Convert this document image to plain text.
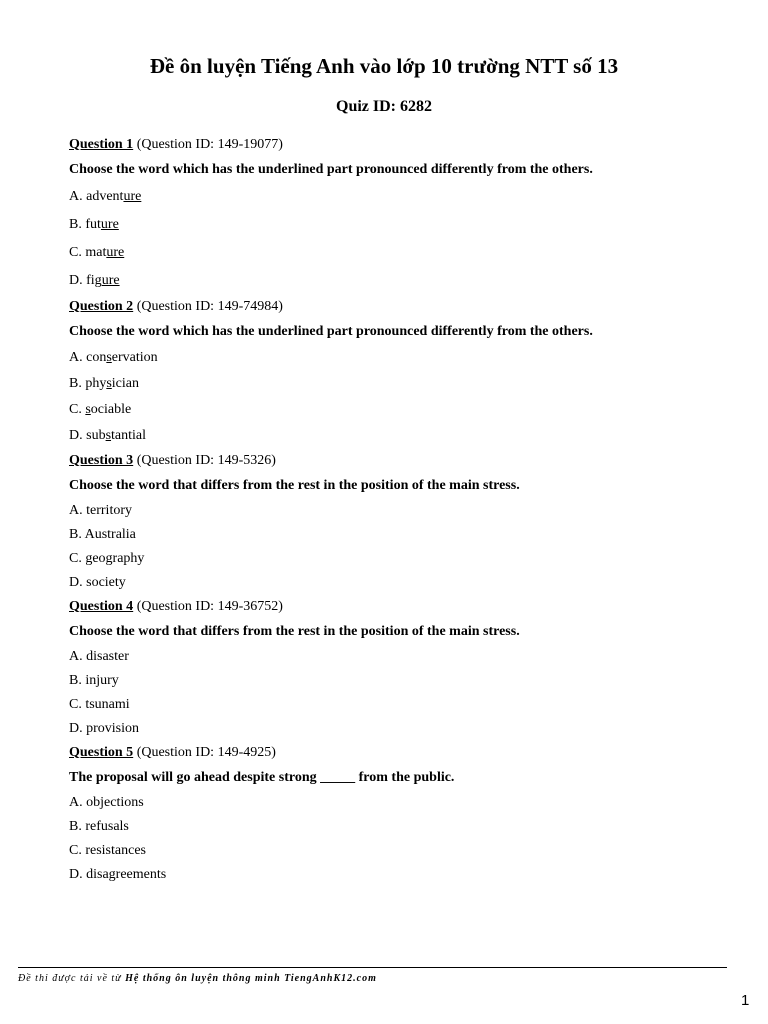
Đề ôn luyện Tiếng Anh vào lớp 10 trường NTT số 13
Quiz ID: 6282

Question 1 (Question ID: 149-19077)

Choose the word which has the underlined part pronounced differently from the others.

A. adventure

B. future

C. mature

D. figure

Question 2 (Question ID: 149-74984)

Choose the word which has the underlined part pronounced differently from the others.

A. conservation

B. physician

C. sociable

D. substantial

Question 3 (Question ID: 149-5326)

Choose the word that differs from the rest in the position of the main stress.

A. territory

B. Australia

C. geography

D. society

Question 4 (Question ID: 149-36752)

Choose the word that differs from the rest in the position of the main stress.

A. disaster

B. injury

C. tsunami

D. provision

Question 5 (Question ID: 149-4925)

The proposal will go ahead despite strong _____ from the public.

A. objections

B. refusals

C. resistances

D. disagreements

Đề thi được tải về từ Hệ thống ôn luyện thông minh TiengAnhK12.com
1
